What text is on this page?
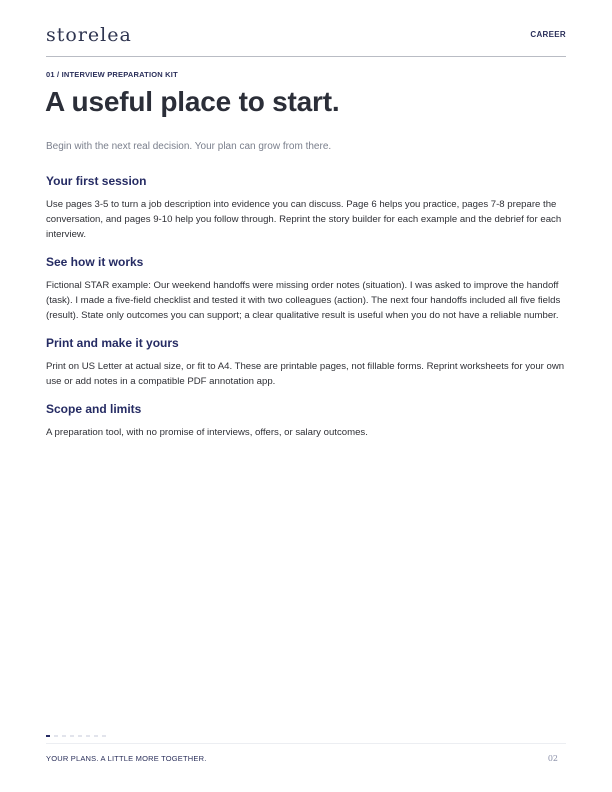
storelea	CAREER
01 / INTERVIEW PREPARATION KIT
A useful place to start.
Begin with the next real decision. Your plan can grow from there.
Your first session

Use pages 3-5 to turn a job description into evidence you can discuss. Page 6 helps you practice, pages 7-8 prepare the conversation, and pages 9-10 help you follow through. Reprint the story builder for each example and the debrief for each interview.

See how it works

Fictional STAR example: Our weekend handoffs were missing order notes (situation). I was asked to improve the handoff (task). I made a five-field checklist and tested it with two colleagues (action). The next four handoffs included all five fields (result). State only outcomes you can support; a clear qualitative result is useful when you do not have a reliable number.

Print and make it yours

Print on US Letter at actual size, or fit to A4. These are printable pages, not fillable forms. Reprint worksheets for your own use or add notes in a compatible PDF annotation app.

Scope and limits

A preparation tool, with no promise of interviews, offers, or salary outcomes.

YOUR PLANS. A LITTLE MORE TOGETHER.	02
